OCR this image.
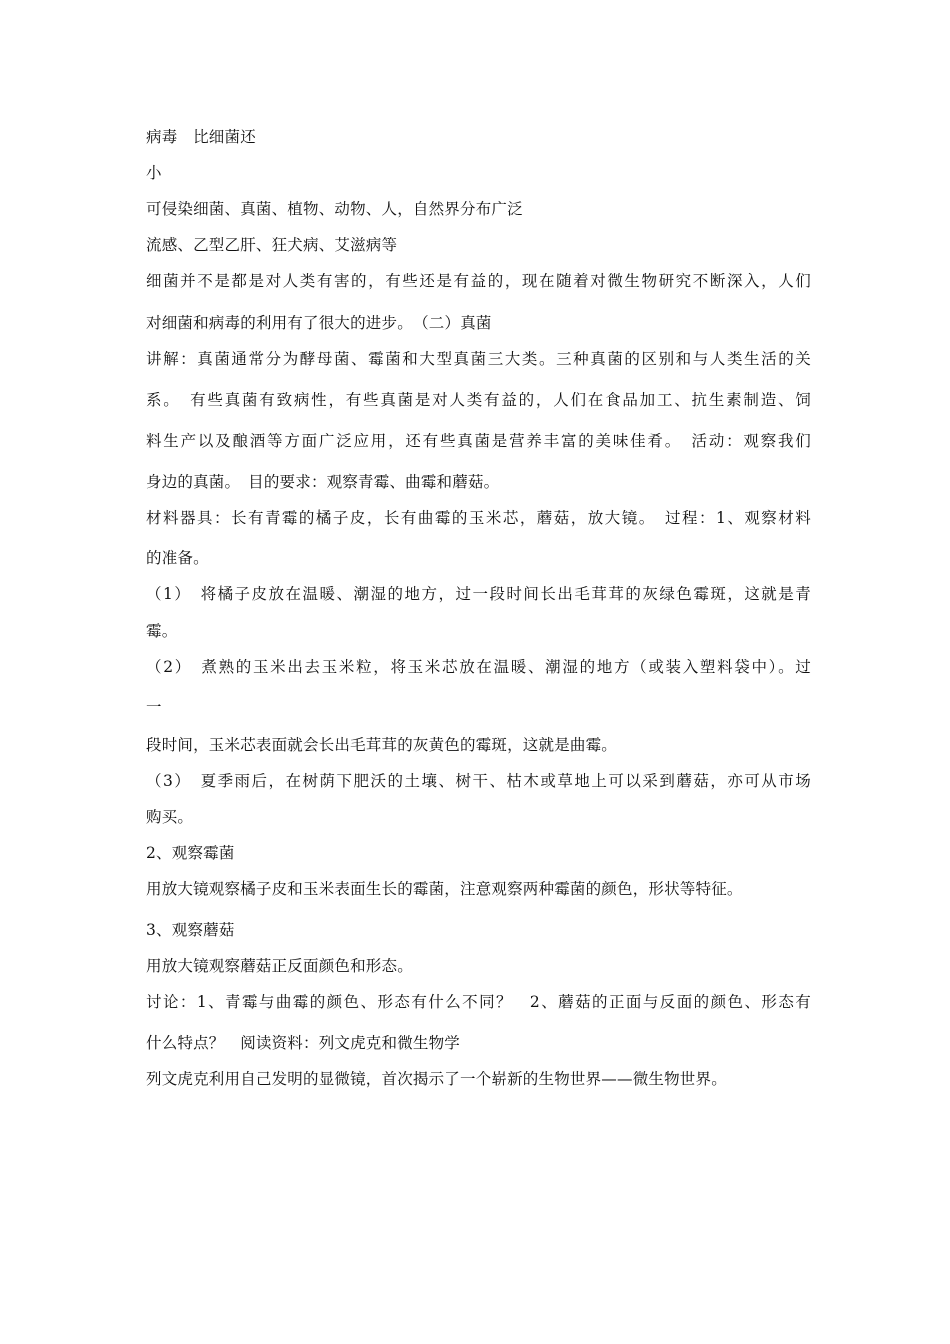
病毒　比细菌还
小
可侵染细菌、真菌、植物、动物、人，自然界分布广泛
流感、乙型乙肝、狂犬病、艾滋病等
细菌并不是都是对人类有害的，有些还是有益的，现在随着对微生物研究不断深入，人们
对细菌和病毒的利用有了很大的进步。　（二）真菌
讲解：真菌通常分为酵母菌、霉菌和大型真菌三大类。三种真菌的区别和与人类生活的关
系。　有些真菌有致病性，有些真菌是对人类有益的，人们在食品加工、抗生素制造、饲
料生产以及酿酒等方面广泛应用，还有些真菌是营养丰富的美味佳肴。　活动：观察我们
身边的真菌。　目的要求：观察青霉、曲霉和蘑菇。
材料器具：长有青霉的橘子皮，长有曲霉的玉米芯，蘑菇，放大镜。　过程：1、观察材料
的准备。
（1）　将橘子皮放在温暖、潮湿的地方，过一段时间长出毛茸茸的灰绿色霉斑，这就是青
霉。
（2）　煮熟的玉米出去玉米粒，将玉米芯放在温暖、潮湿的地方（或装入塑料袋中）。过
一
段时间，玉米芯表面就会长出毛茸茸的灰黄色的霉斑，这就是曲霉。
（3）　夏季雨后，在树荫下肥沃的土壤、树干、枯木或草地上可以采到蘑菇，亦可从市场
购买。
2、观察霉菌
用放大镜观察橘子皮和玉米表面生长的霉菌，注意观察两种霉菌的颜色，形状等特征。
3、观察蘑菇
用放大镜观察蘑菇正反面颜色和形态。
讨论：1、青霉与曲霉的颜色、形态有什么不同？　2、蘑菇的正面与反面的颜色、形态有
什么特点？　阅读资料：列文虎克和微生物学
列文虎克利用自己发明的显微镜，首次揭示了一个崭新的生物世界——微生物世界。
